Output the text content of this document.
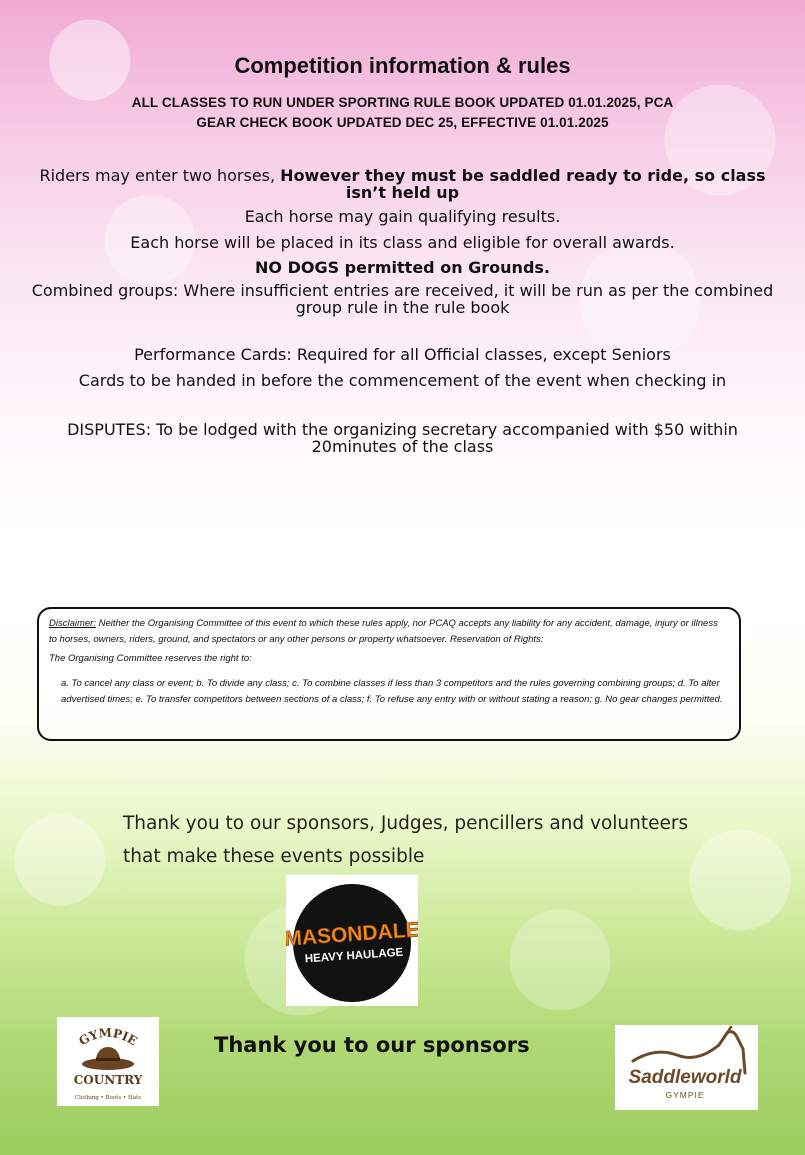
Competition information & rules
ALL CLASSES TO RUN UNDER SPORTING RULE BOOK UPDATED 01.01.2025, PCA
GEAR CHECK BOOK UPDATED DEC 25, EFFECTIVE 01.01.2025
Riders may enter two horses, However they must be saddled ready to ride, so class isn’t held up
Each horse may gain qualifying results.
Each horse will be placed in its class and eligible for overall awards.
NO DOGS permitted on Grounds.
Combined groups: Where insufficient entries are received, it will be run as per the combined group rule in the rule book
Performance Cards: Required for all Official classes, except Seniors
Cards to be handed in before the commencement of the event when checking in
DISPUTES: To be lodged with the organizing secretary accompanied with $50 within 20minutes of the class

Disclaimer: Neither the Organising Committee of this event to which these rules apply, nor PCAQ accepts any liability for any accident, damage, injury or illness to horses, owners, riders, ground, and spectators or any other persons or property whatsoever. Reservation of Rights:

The Organising Committee reserves the right to:

a. To cancel any class or event; b. To divide any class; c. To combine classes if less than 3 competitors and the rules governing combining groups; d. To alter advertised times; e. To transfer competitors between sections of a class; f. To refuse any entry with or without stating a reason; g. No gear changes permitted.

Thank you to our sponsors, Judges, pencillers and volunteers
that make these events possible
MASONDALE
HEAVY HAULAGE
GYMPIE
COUNTRY
Clothing • Boots • Hats
Thank you to our sponsors
Saddleworld
GYMPIE
